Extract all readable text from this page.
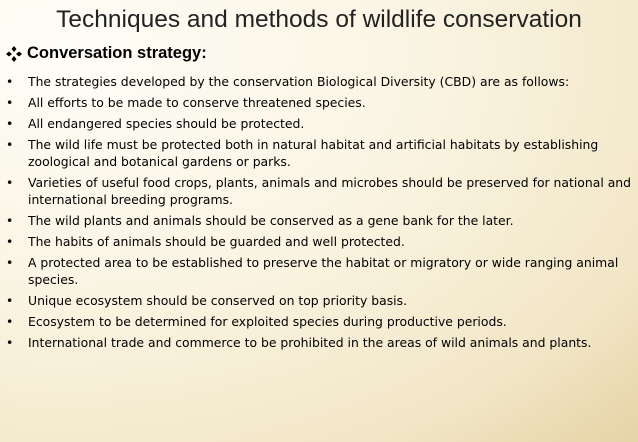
Techniques and methods of wildlife conservation
Conversation strategy:
•	The strategies developed by the conservation Biological Diversity (CBD) are as follows:
•	All efforts to be made to conserve threatened species.
•	All endangered species should be protected.
•	The wild life must be protected both in natural habitat and artificial habitats by establishing zoological and botanical gardens or parks.
•	Varieties of useful food crops, plants, animals and microbes should be preserved for national and international breeding programs.
•	The wild plants and animals should be conserved as a gene bank for the later.
•	The habits of animals should be guarded and well protected.
•	A protected area to be established to preserve the habitat or migratory or wide ranging animal species.
•	Unique ecosystem should be conserved on top priority basis.
•	Ecosystem to be determined for exploited species during productive periods.
•	International trade and commerce to be prohibited in the areas of wild animals and plants.
